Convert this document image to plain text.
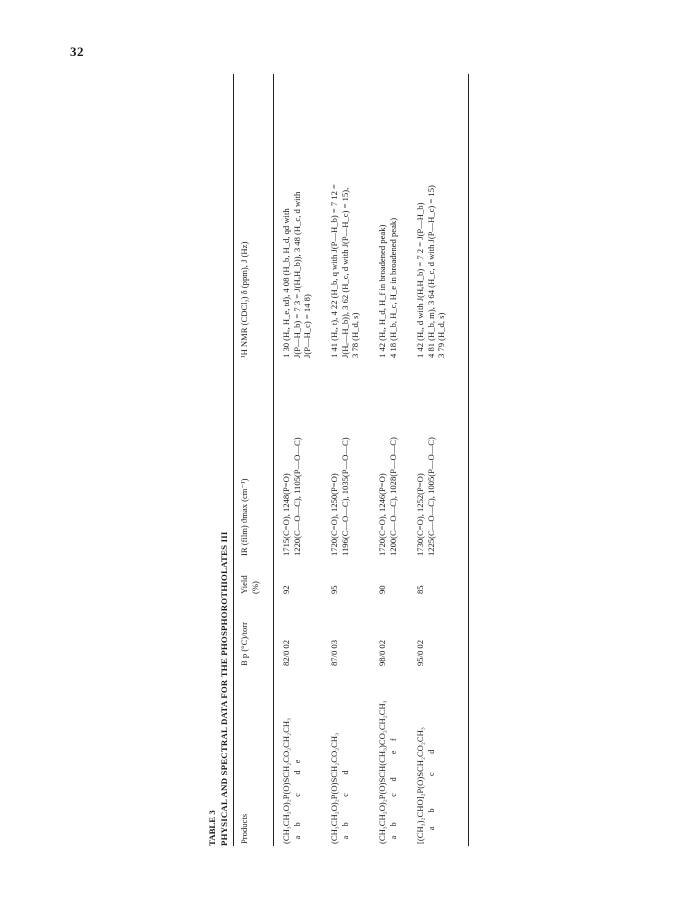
32
TABLE 3 PHYSICAL AND SPECTRAL DATA FOR THE PHOSPHOROTHIOLATES III Products
B p (°C)/torr
Yield (%)
IR (film) ϑmax (cm⁻¹)
¹H NMR (CDCl₃) δ (ppm), J (Hz)
(CH₃CH₂O)₂P(O)SCH₂CO₂CH₂CH₃ a    b           c        d   e
82/0 02
92
1715(C=O), 1248(P=O) 1220(C—O—C), 1105(P—O—C)
1 30 (Hₐ, H_e, td), 4 08 (H_b, H_d, qd with J(P—H_b) = 7 3 = J(HₐH_b)), 3 48 (H_c, d with J(P—H_c) = 14 8)
(CH₃CH₂O)₂P(O)SCH₂CO₂CH₃ a    b           c        d
87/0 03
95
1720(C=O), 1250(P=O) 1196(C—O—C), 1035(P—O—C)
1 41 (Hₐ, t), 4 22 (H_b, q with J(P—H_b) = 7 12 = J(Hₐ—H_b)), 3 62 (H_c, d with J(P—H_c) = 15), 3 78 (H_d, s)
(CH₃CH₂O)₂P(O)SCH(CH₃)CO₂CH₂CH₃ a    b           c     d          e    f
98/0 02
90
1720(C=O), 1246(P=O) 1200(C—O—C), 1028(P—O—C)
1 42 (Hₐ, H_d, H_f in broadened peak) 4 18 (H_b, H_c, H_e in broadened peak)
[(CH₃)₂CHO]₂P(O)SCH₂CO₂CH₃ a      b              c        d
95/0 02
85
1730(C=O), 1252(P=O) 1225(C—O—C), 1005(P—O—C)
1 42 (Hₐ, d with J(HₐH_b) = 7 2 = J(P—H_b) 4 81 (H_b, m), 3 64 (H_c, d with J(P—H_c) = 15) 3 79 (H_d, s)
